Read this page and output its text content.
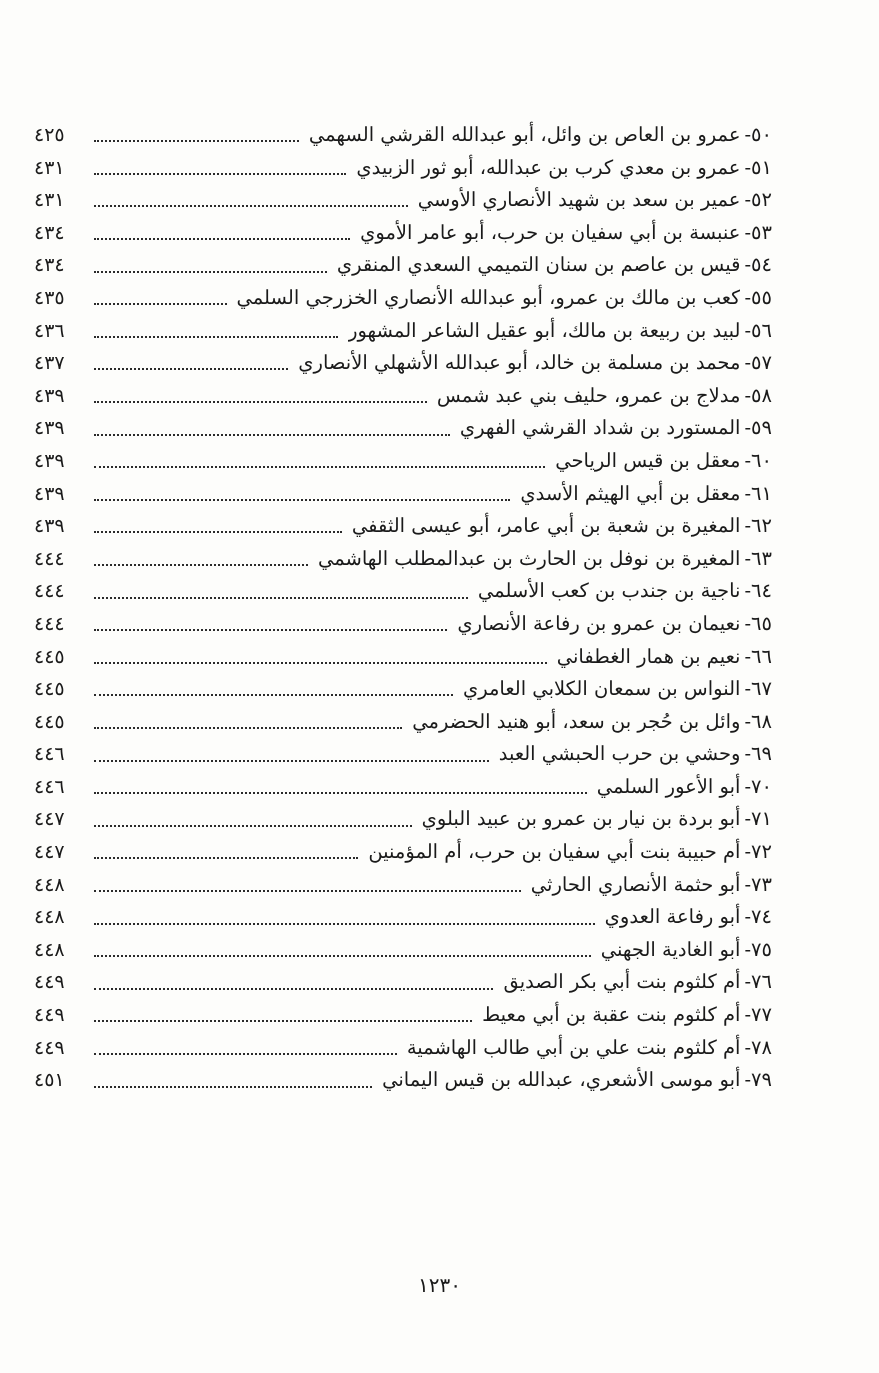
٥٠-
عمرو بن العاص بن وائل، أبو عبدالله القرشي السهمي
٤٢٥
٥١-
عمرو بن معدي كرب بن عبدالله، أبو ثور الزبيدي
٤٣١
٥٢-
عمير بن سعد بن شهيد الأنصاري الأوسي
٤٣١
٥٣-
عنبسة بن أبي سفيان بن حرب، أبو عامر الأموي
٤٣٤
٥٤-
قيس بن عاصم بن سنان التميمي السعدي المنقري
٤٣٤
٥٥-
كعب بن مالك بن عمرو، أبو عبدالله الأنصاري الخزرجي السلمي
٤٣٥
٥٦-
لبيد بن ربيعة بن مالك، أبو عقيل الشاعر المشهور
٤٣٦
٥٧-
محمد بن مسلمة بن خالد، أبو عبدالله الأشهلي الأنصاري
٤٣٧
٥٨-
مدلاج بن عمرو، حليف بني عبد شمس
٤٣٩
٥٩-
المستورد بن شداد القرشي الفهري
٤٣٩
٦٠-
معقل بن قيس الرياحي
٤٣٩
٦١-
معقل بن أبي الهيثم الأسدي
٤٣٩
٦٢-
المغيرة بن شعبة بن أبي عامر، أبو عيسى الثقفي
٤٣٩
٦٣-
المغيرة بن نوفل بن الحارث بن عبدالمطلب الهاشمي
٤٤٤
٦٤-
ناجية بن جندب بن كعب الأسلمي
٤٤٤
٦٥-
نعيمان بن عمرو بن رفاعة الأنصاري
٤٤٤
٦٦-
نعيم بن همار الغطفاني
٤٤٥
٦٧-
النواس بن سمعان الكلابي العامري
٤٤٥
٦٨-
وائل بن حُجر بن سعد، أبو هنيد الحضرمي
٤٤٥
٦٩-
وحشي بن حرب الحبشي العبد
٤٤٦
٧٠-
أبو الأعور السلمي
٤٤٦
٧١-
أبو بردة بن نيار بن عمرو بن عبيد البلوي
٤٤٧
٧٢-
أم حبيبة بنت أبي سفيان بن حرب، أم المؤمنين
٤٤٧
٧٣-
أبو حثمة الأنصاري الحارثي
٤٤٨
٧٤-
أبو رفاعة العدوي
٤٤٨
٧٥-
أبو الغادية الجهني
٤٤٨
٧٦-
أم كلثوم بنت أبي بكر الصديق
٤٤٩
٧٧-
أم كلثوم بنت عقبة بن أبي معيط
٤٤٩
٧٨-
أم كلثوم بنت علي بن أبي طالب الهاشمية
٤٤٩
٧٩-
أبو موسى الأشعري، عبدالله بن قيس اليماني
٤٥١
١٢٣٠
